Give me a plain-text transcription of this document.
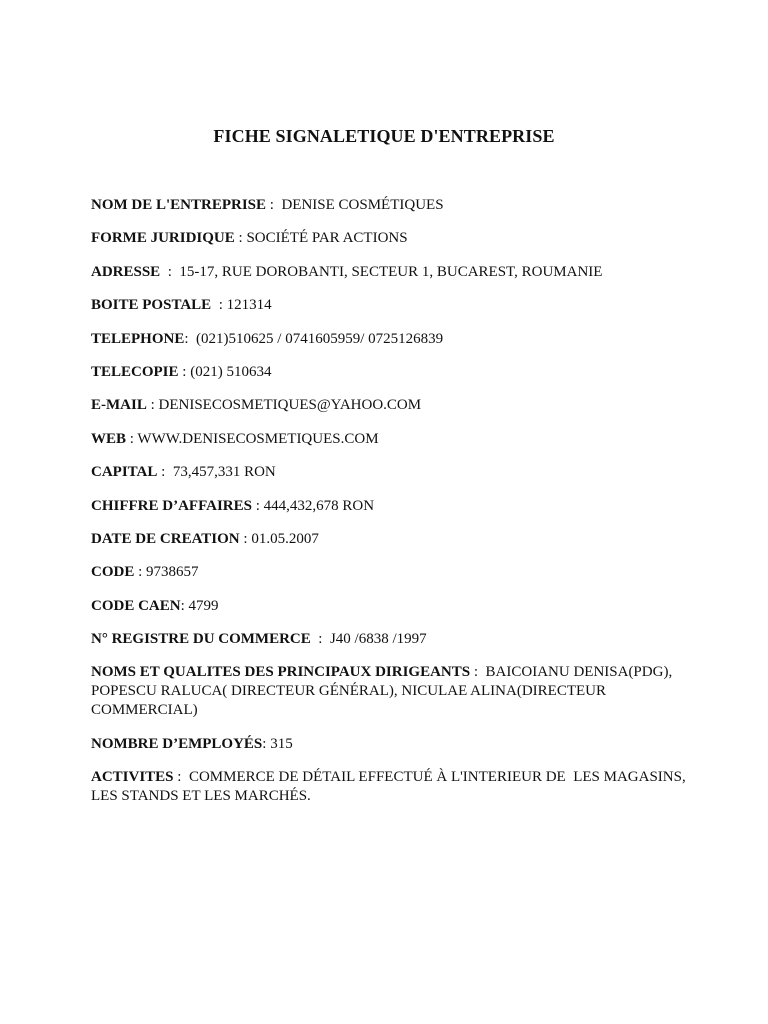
FICHE SIGNALETIQUE D'ENTREPRISE
NOM DE L'ENTREPRISE :  DENISE COSMÉTIQUES
FORME JURIDIQUE : SOCIÉTÉ PAR ACTIONS
ADRESSE  :  15-17, RUE DOROBANTI, SECTEUR 1, BUCAREST, ROUMANIE
BOITE POSTALE  : 121314
TELEPHONE:  (021)510625 / 0741605959/ 0725126839
TELECOPIE : (021) 510634
E-MAIL : DENISECOSMETIQUES@YAHOO.COM
WEB : WWW.DENISECOSMETIQUES.COM
CAPITAL :  73,457,331 RON
CHIFFRE D’AFFAIRES : 444,432,678 RON
DATE DE CREATION : 01.05.2007
CODE : 9738657
CODE CAEN: 4799
N° REGISTRE DU COMMERCE  :  J40 /6838 /1997
NOMS ET QUALITES DES PRINCIPAUX DIRIGEANTS :  BAICOIANU DENISA(PDG), POPESCU RALUCA( DIRECTEUR GÉNÉRAL), NICULAE ALINA(DIRECTEUR COMMERCIAL)
NOMBRE D’EMPLOYÉS: 315
ACTIVITES :  COMMERCE DE DÉTAIL EFFECTUÉ À L'INTERIEUR DE  LES MAGASINS, LES STANDS ET LES MARCHÉS.
